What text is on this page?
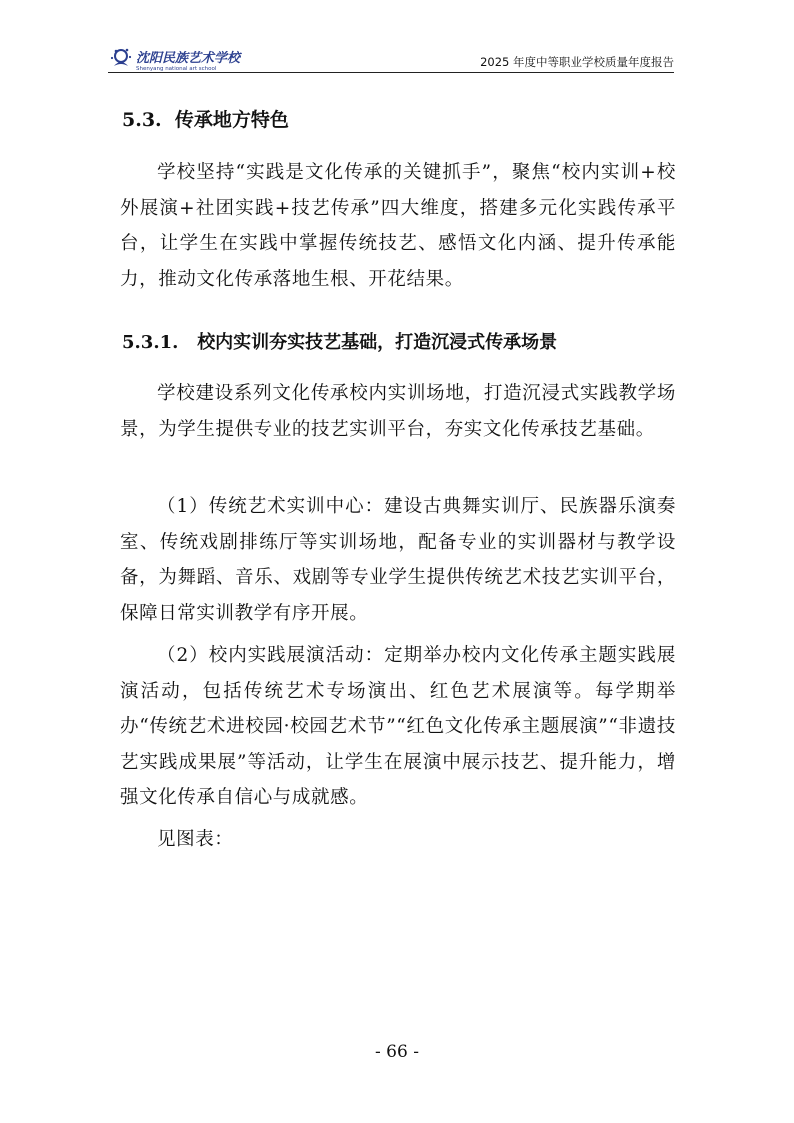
沈阳民族艺术学校
Shenyang national art school	2025 年度中等职业学校质量年度报告
5.3. 传承地方特色

学校坚持“实践是文化传承的关键抓手”，聚焦“校内实训+校外展演+社团实践+技艺传承”四大维度，搭建多元化实践传承平台，让学生在实践中掌握传统技艺、感悟文化内涵、提升传承能力，推动文化传承落地生根、开花结果。

5.3.1. 校内实训夯实技艺基础，打造沉浸式传承场景

学校建设系列文化传承校内实训场地，打造沉浸式实践教学场景，为学生提供专业的技艺实训平台，夯实文化传承技艺基础。

（1）传统艺术实训中心：建设古典舞实训厅、民族器乐演奏室、传统戏剧排练厅等实训场地，配备专业的实训器材与教学设备，为舞蹈、音乐、戏剧等专业学生提供传统艺术技艺实训平台，保障日常实训教学有序开展。

（2）校内实践展演活动：定期举办校内文化传承主题实践展演活动，包括传统艺术专场演出、红色艺术展演等。每学期举办“传统艺术进校园·校园艺术节”“红色文化传承主题展演”“非遗技艺实践成果展”等活动，让学生在展演中展示技艺、提升能力，增强文化传承自信心与成就感。

见图表：

- 66 -
